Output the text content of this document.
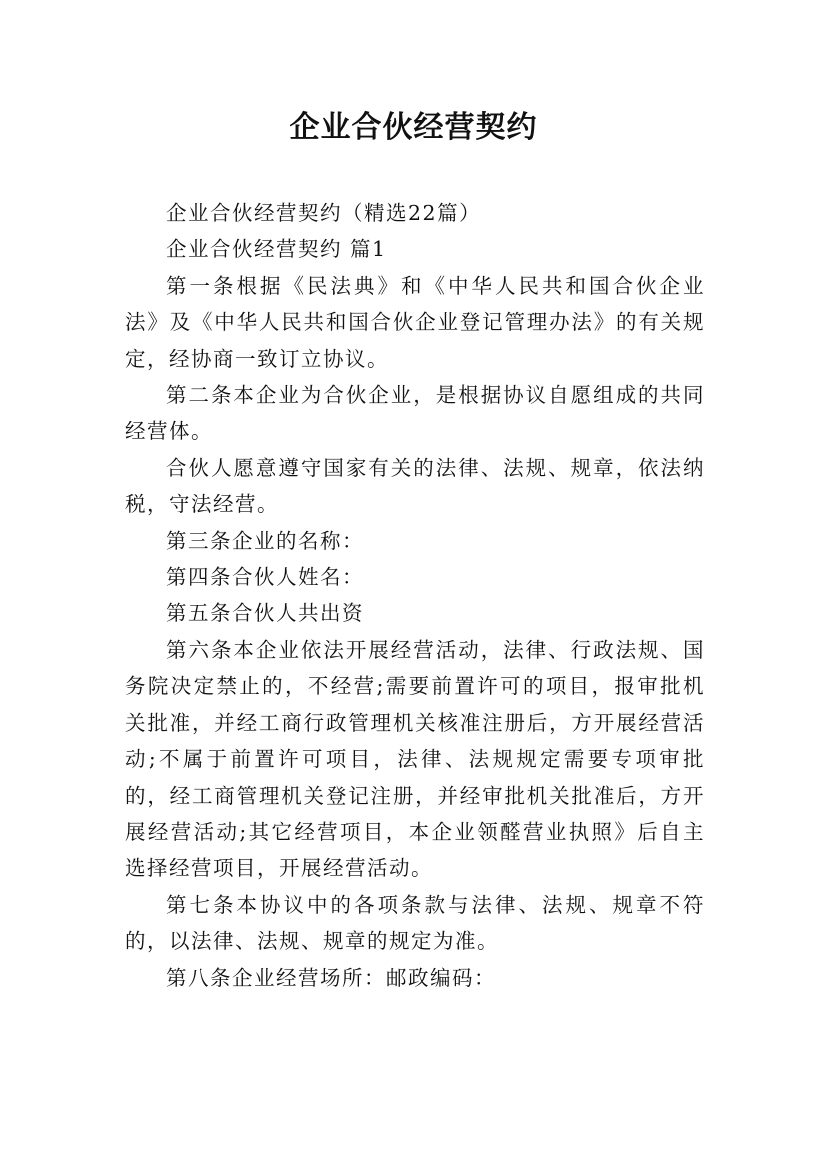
企业合伙经营契约

企业合伙经营契约（精选22篇）

企业合伙经营契约 篇1

第一条根据《民法典》和《中华人民共和国合伙企业法》及《中华人民共和国合伙企业登记管理办法》的有关规定，经协商一致订立协议。

第二条本企业为合伙企业，是根据协议自愿组成的共同经营体。

合伙人愿意遵守国家有关的法律、法规、规章，依法纳税，守法经营。

第三条企业的名称：

第四条合伙人姓名：

第五条合伙人共出资

第六条本企业依法开展经营活动，法律、行政法规、国务院决定禁止的，不经营;需要前置许可的项目，报审批机关批准，并经工商行政管理机关核准注册后，方开展经营活动;不属于前置许可项目，法律、法规规定需要专项审批的，经工商管理机关登记注册，并经审批机关批准后，方开展经营活动;其它经营项目，本企业领醛营业执照》后自主选择经营项目，开展经营活动。

第七条本协议中的各项条款与法律、法规、规章不符的，以法律、法规、规章的规定为准。

第八条企业经营场所：邮政编码：
